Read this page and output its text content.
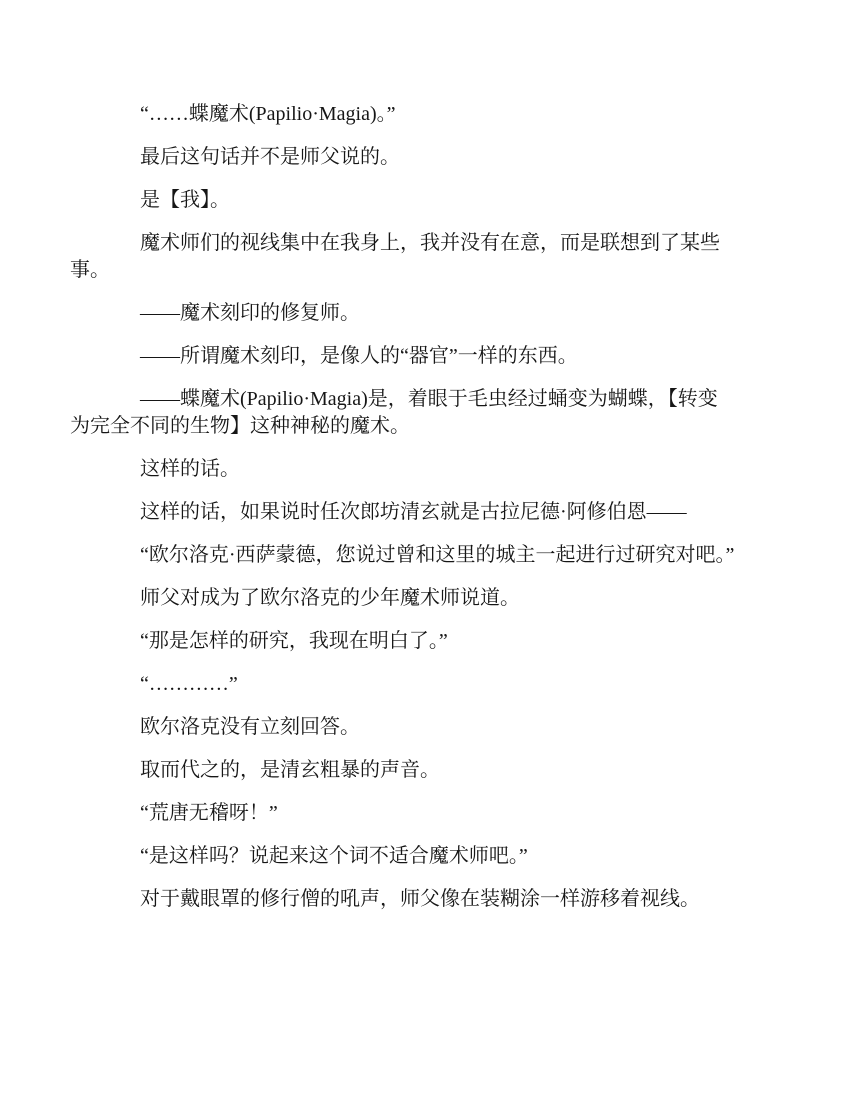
“……蝶魔术(Papilio·Magia)。”

最后这句话并不是师父说的。

是【我】。

魔术师们的视线集中在我身上，我并没有在意，而是联想到了某些事。

——魔术刻印的修复师。

——所谓魔术刻印，是像人的“器官”一样的东西。

——蝶魔术(Papilio·Magia)是，着眼于毛虫经过蛹变为蝴蝶，【转变为完全不同的生物】这种神秘的魔术。

这样的话。

这样的话，如果说时任次郎坊清玄就是古拉尼德·阿修伯恩——

“欧尔洛克·西萨蒙德，您说过曾和这里的城主一起进行过研究对吧。”

师父对成为了欧尔洛克的少年魔术师说道。

“那是怎样的研究，我现在明白了。”

“…………”

欧尔洛克没有立刻回答。

取而代之的，是清玄粗暴的声音。

“荒唐无稽呀！”

“是这样吗？说起来这个词不适合魔术师吧。”

对于戴眼罩的修行僧的吼声，师父像在装糊涂一样游移着视线。
